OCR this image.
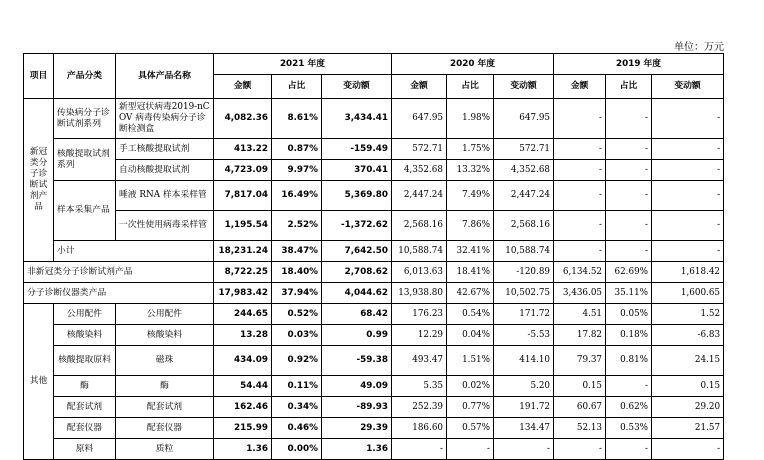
单位：万元
项目	产品分类	具体产品名称	2021 年度			2020 年度			2019 年度		
			金额	占比	变动额	金额	占比	变动额	金额	占比	变动额
新冠类分子诊断试剂产品	传染病分子诊断试剂系列	新型冠状病毒2019-nCOV 病毒传染病分子诊断检测盒	4,082.36	8.61%	3,434.41	647.95	1.98%	647.95	-	-	-
	核酸提取试剂系列	手工核酸提取试剂	413.22	0.87%	-159.49	572.71	1.75%	572.71	-	-	-
		自动核酸提取试剂	4,723.09	9.97%	370.41	4,352.68	13.32%	4,352.68	-	-	-
	样本采集产品	唾液 RNA 样本采样管	7,817.04	16.49%	5,369.80	2,447.24	7.49%	2,447.24	-	-	-
		一次性使用病毒采样管	1,195.54	2.52%	-1,372.62	2,568.16	7.86%	2,568.16	-	-	-
	小计		18,231.24	38.47%	7,642.50	10,588.74	32.41%	10,588.74	-	-	-
非新冠类分子诊断试剂产品			8,722.25	18.40%	2,708.62	6,013.63	18.41%	-120.89	6,134.52	62.69%	1,618.42
分子诊断仪器类产品			17,983.42	37.94%	4,044.62	13,938.80	42.67%	10,502.75	3,436.05	35.11%	1,600.65
其他	公用配件	公用配件	244.65	0.52%	68.42	176.23	0.54%	171.72	4.51	0.05%	1.52
	核酸染料	核酸染料	13.28	0.03%	0.99	12.29	0.04%	-5.53	17.82	0.18%	-6.83
	核酸提取原料	磁珠	434.09	0.92%	-59.38	493.47	1.51%	414.10	79.37	0.81%	24.15
	酶	酶	54.44	0.11%	49.09	5.35	0.02%	5.20	0.15	-	0.15
	配套试剂	配套试剂	162.46	0.34%	-89.93	252.39	0.77%	191.72	60.67	0.62%	29.20
	配套仪器	配套仪器	215.99	0.46%	29.39	186.60	0.57%	134.47	52.13	0.53%	21.57
	原料	质粒	1.36	0.00%	1.36	-	-	-	-	-	-
